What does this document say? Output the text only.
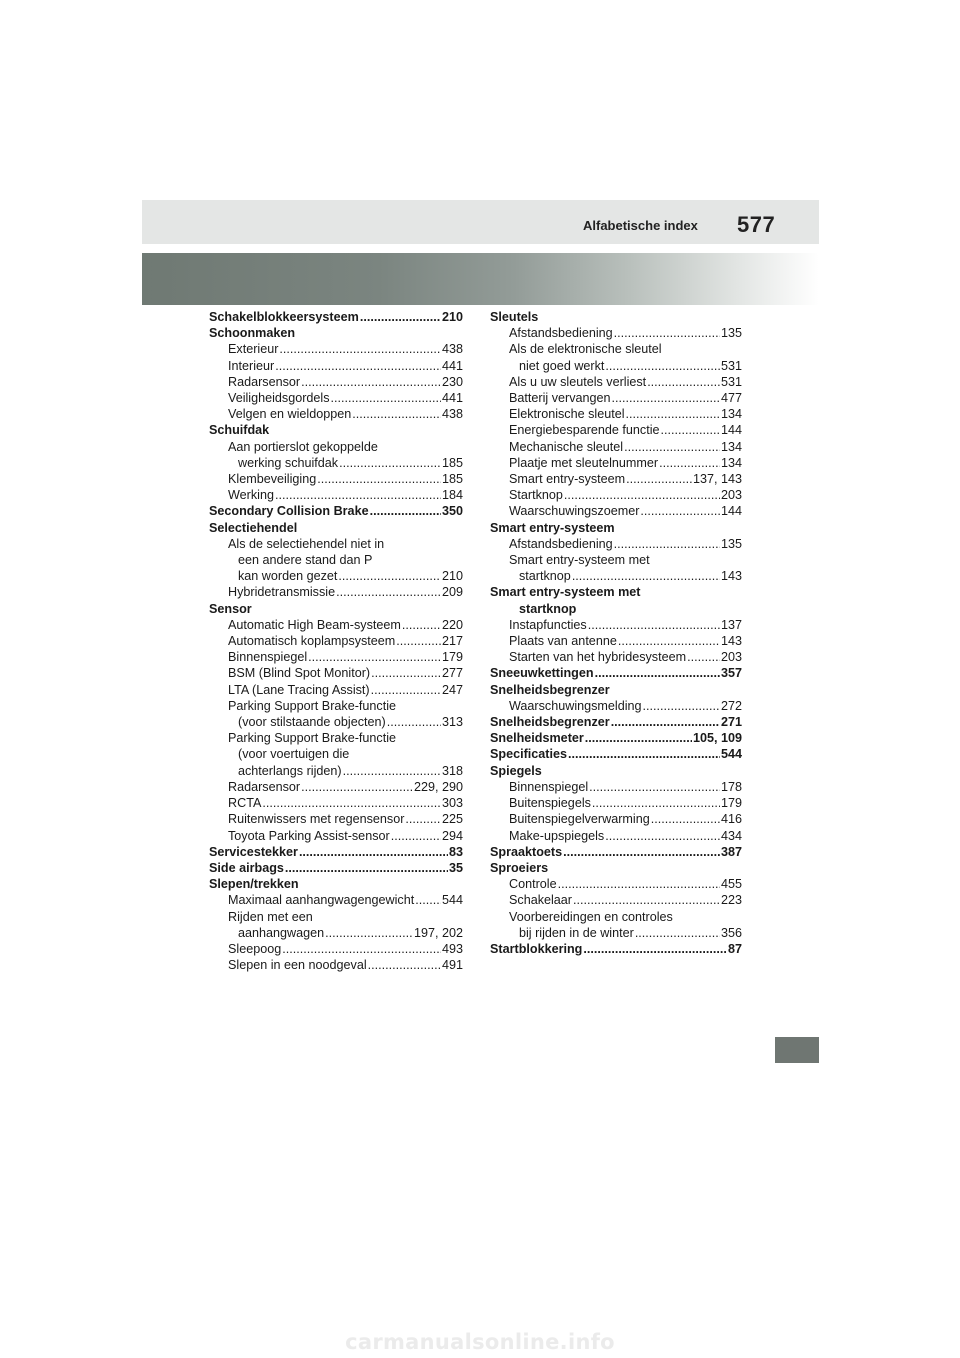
Alfabetische index 577
Schakelblokkeersysteem .....	210
Schoonmaken
Exterieur .....	438
Interieur .....	441
Radarsensor .....	230
Veiligheidsgordels .....	441
Velgen en wieldoppen .....	438
Schuifdak
Aan portierslot gekoppelde
werking schuifdak .....	185
Klembeveiliging .....	185
Werking .....	184
Secondary Collision Brake .....	350
Selectiehendel
Als de selectiehendel niet in
een andere stand dan P
kan worden gezet .....	210
Hybridetransmissie .....	209
Sensor
Automatic High Beam-systeem .....	220
Automatisch koplampsysteem .....	217
Binnenspiegel .....	179
BSM (Blind Spot Monitor) .....	277
LTA (Lane Tracing Assist) .....	247
Parking Support Brake-functie
(voor stilstaande objecten) .....	313
Parking Support Brake-functie
(voor voertuigen die
achterlangs rijden) .....	318
Radarsensor .....	229, 290
RCTA .....	303
Ruitenwissers met regensensor .....	225
Toyota Parking Assist-sensor .....	294
Servicestekker .....	83
Side airbags .....	35
Slepen/trekken
Maximaal aanhangwagengewicht ..... 544
Rijden met een
aanhangwagen .....	197, 202
Sleepoog .....	493
Slepen in een noodgeval .....	491
Sleutels
Afstandsbediening .....	135
Als de elektronische sleutel
niet goed werkt .....	531
Als u uw sleutels verliest .....	531
Batterij vervangen .....	477
Elektronische sleutel .....	134
Energiebesparende functie .....	144
Mechanische sleutel .....	134
Plaatje met sleutelnummer .....	134
Smart entry-systeem .....	137, 143
Startknop .....	203
Waarschuwingszoemer .....	144
Smart entry-systeem
Afstandsbediening .....	135
Smart entry-systeem met
startknop .....	143
Smart entry-systeem met
startknop
Instapfuncties .....	137
Plaats van antenne .....	143
Starten van het hybridesysteem .....	203
Sneeuwkettingen .....	357
Snelheidsbegrenzer
Waarschuwingsmelding .....	272
Snelheidsbegrenzer .....	271
Snelheidsmeter .....	105, 109
Specificaties .....	544
Spiegels
Binnenspiegel .....	178
Buitenspiegels .....	179
Buitenspiegelverwarming .....	416
Make-upspiegels .....	434
Spraaktoets .....	387
Sproeiers
Controle .....	455
Schakelaar .....	223
Voorbereidingen en controles
bij rijden in de winter .....	356
Startblokkering .....	87
carmanualsonline.info
